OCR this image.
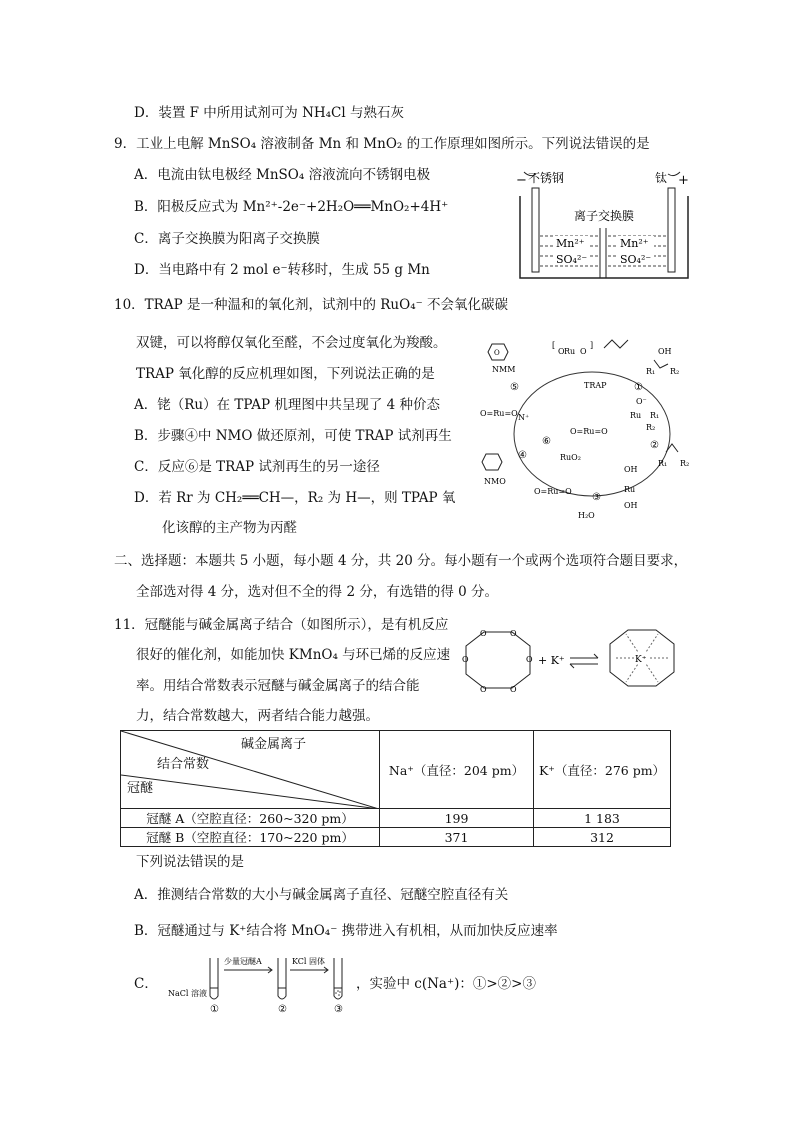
D．装置 F 中所用试剂可为 NH₄Cl 与熟石灰
9．工业上电解 MnSO₄ 溶液制备 Mn 和 MnO₂ 的工作原理如图所示。下列说法错误的是
A．电流由钛电极经 MnSO₄ 溶液流向不锈钢电极
B．阳极反应式为 Mn²⁺-2e⁻+2H₂O══MnO₂+4H⁺
C．离子交换膜为阳离子交换膜
D．当电路中有 2 mol e⁻转移时，生成 55 g Mn
− 不锈钢	钛 +
离子交换膜
Mn²⁺
SO₄²⁻
Mn²⁺
SO₄²⁻
10．TRAP 是一种温和的氧化剂，试剂中的 RuO₄⁻ 不会氧化碳碳
双键，可以将醇仅氧化至醛，不会过度氧化为羧酸。
TRAP 氧化醇的反应机理如图，下列说法正确的是
A．铑（Ru）在 TPAP 机理图中共呈现了 4 种价态
B．步骤④中 NMO 做还原剂，可使 TRAP 试剂再生
C．反应⑥是 TRAP 试剂再生的另一途径
D．若 Rr 为 CH₂══CH—，R₂ 为 H—，则 TPAP 氧
化该醇的主产物为丙醛
O
NMM
[
O Ru O
]
TRAP
OH
R₁ R₂
O⁻
Ru R₁
R₂
R₁ R₂
OH
Ru
OH
O=Ru=O
RuO₂
O=Ru=O N⁺
NMO
O=Ru=O
H₂O
①
②
③
④
⑤
⑥
二、选择题：本题共 5 小题，每小题 4 分，共 20 分。每小题有一个或两个选项符合题目要求，
全部选对得 4 分，选对但不全的得 2 分，有选错的得 0 分。
11．冠醚能与碱金属离子结合（如图所示），是有机反应
很好的催化剂，如能加快 KMnO₄ 与环已烯的反应速
率。用结合常数表示冠醚与碱金属离子的结合能
力，结合常数越大，两者结合能力越强。
O	O
O
O
O
O	+ K⁺	K⁺
碱金属离子
结合常数
冠醚	Na⁺（直径：204 pm）	K⁺（直径：276 pm）
冠醚 A（空腔直径：260~320 pm）	199	1 183
冠醚 B（空腔直径：170~220 pm）	371	312
下列说法错误的是
A．推测结合常数的大小与碱金属离子直径、冠醚空腔直径有关
B．冠醚通过与 K⁺结合将 MnO₄⁻ 携带进入有机相，从而加快反应速率
C．
NaCl 溶液
少量冠醚A	KCl 固体
①	②	③
，实验中 c(Na⁺)：①>②>③
